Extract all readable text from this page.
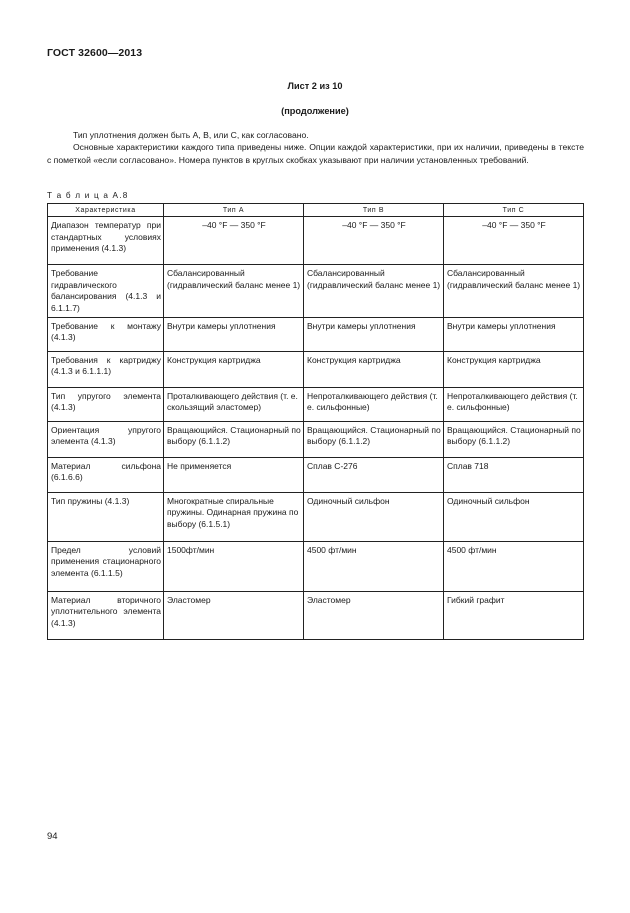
ГОСТ 32600—2013
Лист 2 из 10
(продолжение)

Тип уплотнения должен быть А, В, или С, как согласовано.

Основные характеристики каждого типа приведены ниже. Опции каждой характеристики, при их наличии, приведены в тексте с пометкой «если согласовано». Номера пунктов в круглых скобках указывают при наличии установленных требований.

Т а б л и ц а А.8
Характеристика	Тип А	Тип В	Тип С
Диапазон температур при стандартных условиях применения (4.1.3)	–40 °F — 350 °F	–40 °F — 350 °F	–40 °F — 350 °F
Требование гидравлического балансирования (4.1.3 и 6.1.1.7)	Сбалансированный (гидравлический баланс менее 1)	Сбалансированный (гидравлический баланс менее 1)	Сбалансированный (гидравлический баланс менее 1)
Требование к монтажу (4.1.3)	Внутри камеры уплотнения	Внутри камеры уплотнения	Внутри камеры уплотнения
Требования к картриджу (4.1.3 и 6.1.1.1)	Конструкция картриджа	Конструкция картриджа	Конструкция картриджа
Тип упругого элемента (4.1.3)	Проталкивающего действия (т. е. скользящий эластомер)	Непроталкивающего действия (т. е. сильфонные)	Непроталкивающего действия (т. е. сильфонные)
Ориентация упругого элемента (4.1.3)	Вращающийся. Стационарный по выбору (6.1.1.2)	Вращающийся. Стационарный по выбору (6.1.1.2)	Вращающийся. Стационарный по выбору (6.1.1.2)
Материал сильфона (6.1.6.6)	Не применяется	Сплав С-276	Сплав 718
Тип пружины (4.1.3)	Многократные спиральные пружины. Одинарная пружина по выбору (6.1.5.1)	Одиночный сильфон	Одиночный сильфон
Предел условий применения стационарного элемента (6.1.1.5)	1500фт/мин	4500 фт/мин	4500 фт/мин
Материал вторичного уплотнительного элемента (4.1.3)	Эластомер	Эластомер	Гибкий графит
94
